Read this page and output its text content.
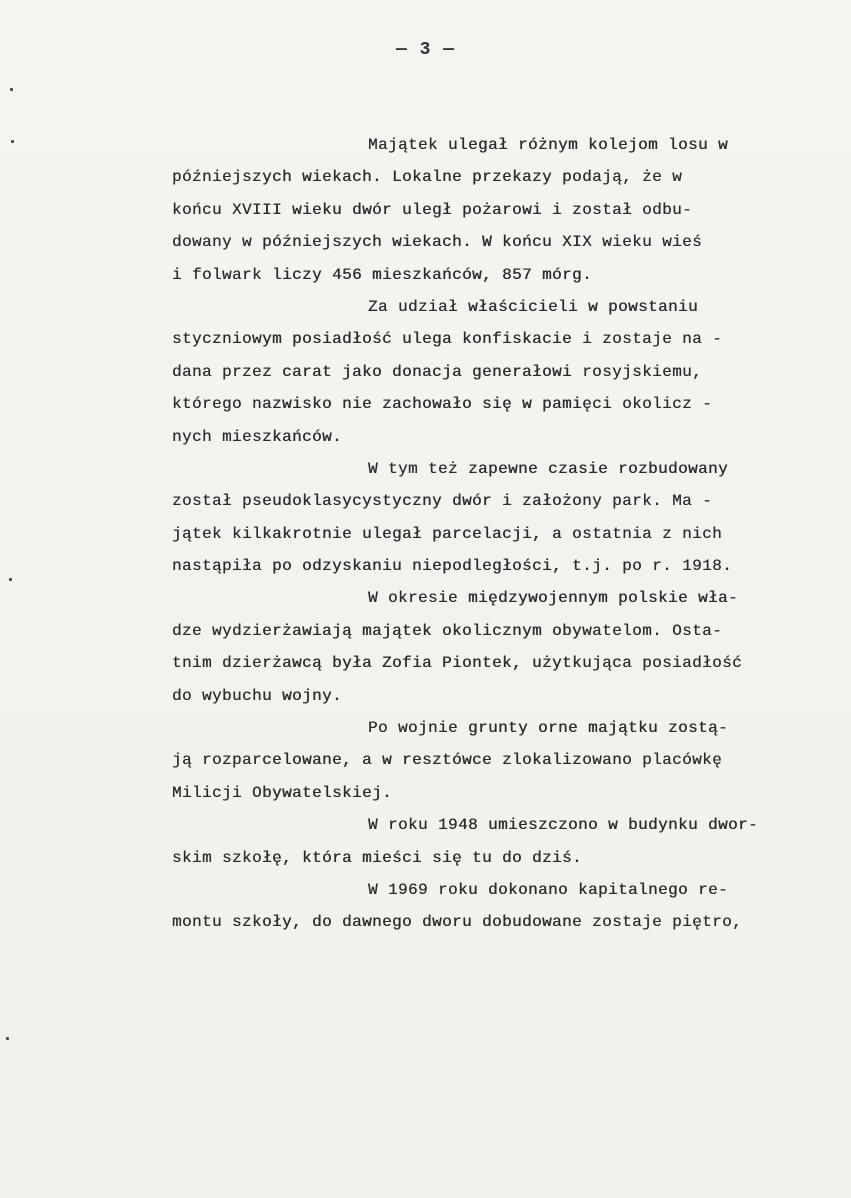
— 3 —
Majątek ulegał różnym kolejom losu w
późniejszych wiekach. Lokalne przekazy podają, że w
końcu XVIII wieku dwór uległ pożarowi i został odbu-
dowany w późniejszych wiekach. W końcu XIX wieku wieś
i folwark liczy 456 mieszkańców, 857 mórg.
Za udział właścicieli w powstaniu
styczniowym posiadłość ulega konfiskacie i zostaje na -
dana przez carat jako donacja generałowi rosyjskiemu,
którego nazwisko nie zachowało się w pamięci okolicz -
nych mieszkańców.
W tym też zapewne czasie rozbudowany
został pseudoklasycystyczny dwór i założony park. Ma -
jątek kilkakrotnie ulegał parcelacji, a ostatnia z nich
nastąpiła po odzyskaniu niepodległości, t.j. po r. 1918.
W okresie międzywojennym polskie wła-
dze wydzierżawiają majątek okolicznym obywatelom. Osta-
tnim dzierżawcą była Zofia Piontek, użytkująca posiadłość
do wybuchu wojny.
Po wojnie grunty orne majątku zostą-
ją rozparcelowane, a w resztówce zlokalizowano placówkę
Milicji Obywatelskiej.
W roku 1948 umieszczono w budynku dwor-
skim szkołę, która mieści się tu do dziś.
W 1969 roku dokonano kapitalnego re-
montu szkoły, do dawnego dworu dobudowane zostaje piętro,
